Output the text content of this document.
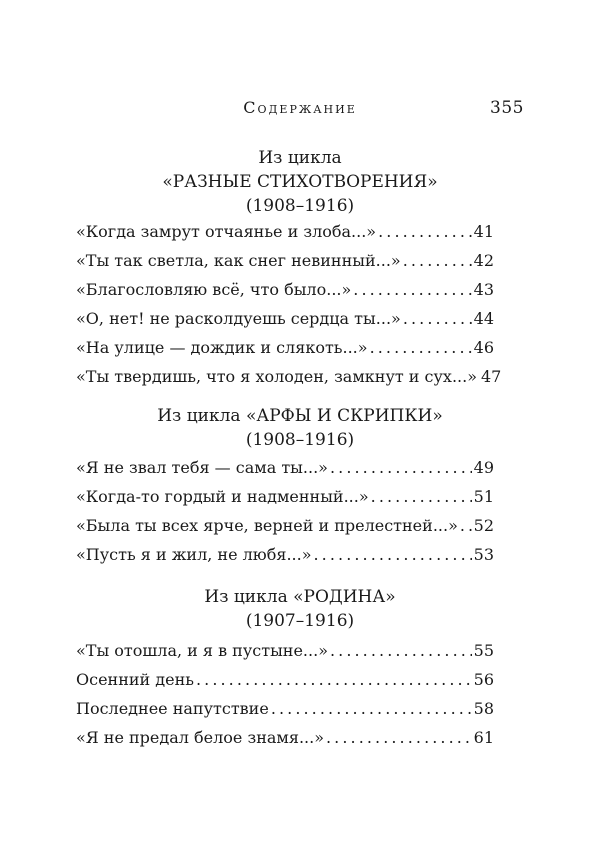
Содержание	355
Из цикла
«РАЗНЫЕ СТИХОТВОРЕНИЯ»
(1908–1916)
«Когда замрут отчаянье и злоба...» . . .	41
«Ты так светла, как снег невинный...» . . .	42
«Благословляю всё, что было...» . . .	43
«О, нет! не расколдуешь сердца ты...» . . .	44
«На улице — дождик и слякоть...» . . .	46
«Ты твердишь, что я холоден, замкнут и сух...» 47
Из цикла «АРФЫ И СКРИПКИ»
(1908–1916)
«Я не звал тебя — сама ты...» . . .	49
«Когда-то гордый и надменный...» . . .	51
«Была ты всех ярче, верней и прелестней...» . . . 52
«Пусть я и жил, не любя...» . . .	53
Из цикла «РОДИНА»
(1907–1916)
«Ты отошла, и я в пустыне...» . . .	55
Осенний день . . .	56
Последнее напутствие . . .	58
«Я не предал белое знамя...» . . .	61
